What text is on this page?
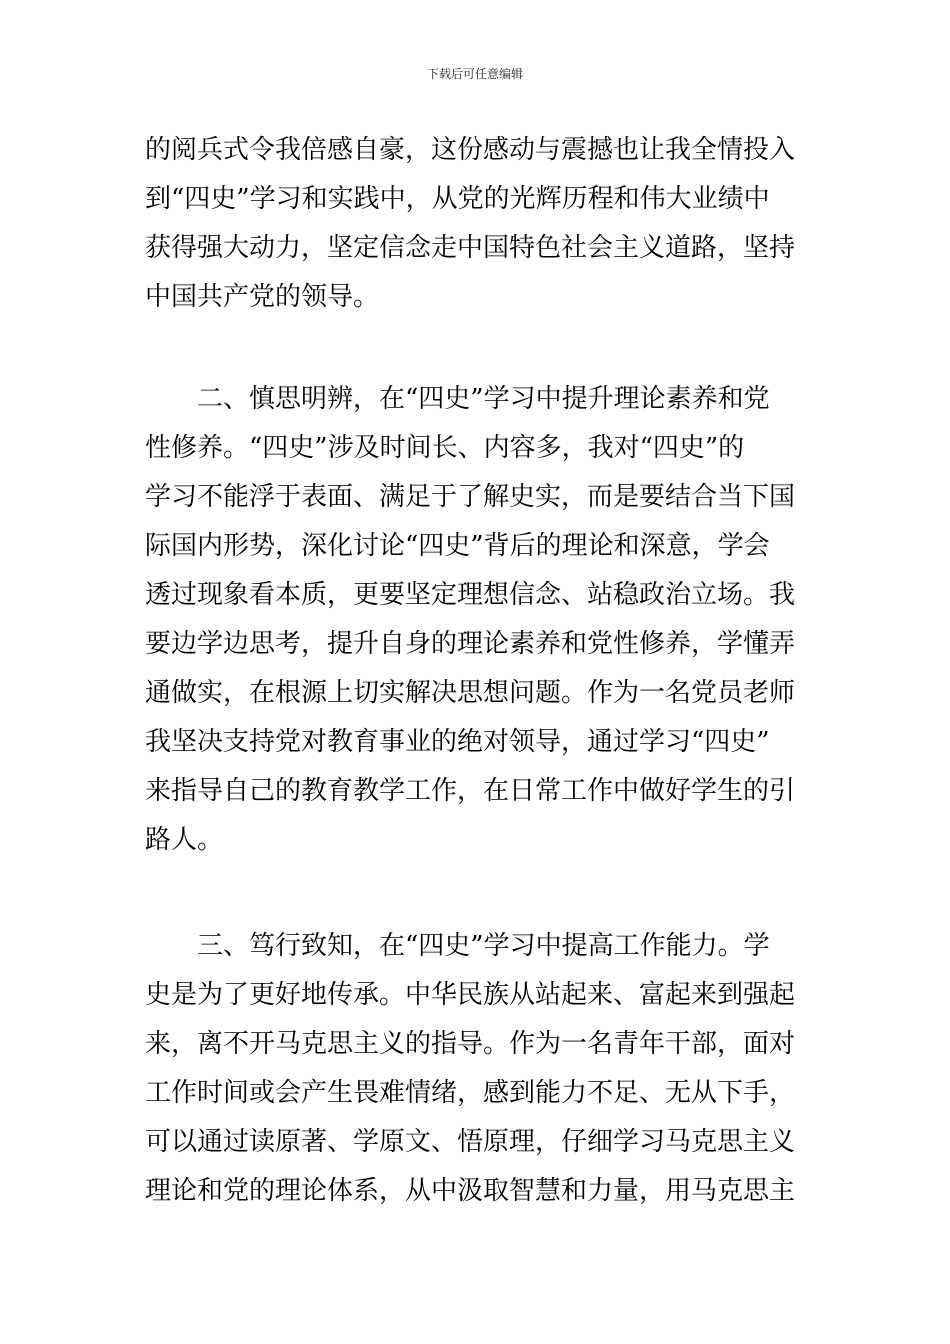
下载后可任意编辑
的阅兵式令我倍感自豪，这份感动与震撼也让我全情投入
到“四史”学习和实践中，从党的光辉历程和伟大业绩中
获得强大动力，坚定信念走中国特色社会主义道路，坚持
中国共产党的领导。
　　二、慎思明辨，在“四史”学习中提升理论素养和党
性修养。“四史”涉及时间长、内容多，我对“四史”的
学习不能浮于表面、满足于了解史实，而是要结合当下国
际国内形势，深化讨论“四史”背后的理论和深意，学会
透过现象看本质，更要坚定理想信念、站稳政治立场。我
要边学边思考，提升自身的理论素养和党性修养，学懂弄
通做实，在根源上切实解决思想问题。作为一名党员老师
我坚决支持党对教育事业的绝对领导，通过学习“四史”
来指导自己的教育教学工作，在日常工作中做好学生的引
路人。
　　三、笃行致知，在“四史”学习中提高工作能力。学
史是为了更好地传承。中华民族从站起来、富起来到强起
来，离不开马克思主义的指导。作为一名青年干部，面对
工作时间或会产生畏难情绪，感到能力不足、无从下手，
可以通过读原著、学原文、悟原理，仔细学习马克思主义
理论和党的理论体系，从中汲取智慧和力量，用马克思主
